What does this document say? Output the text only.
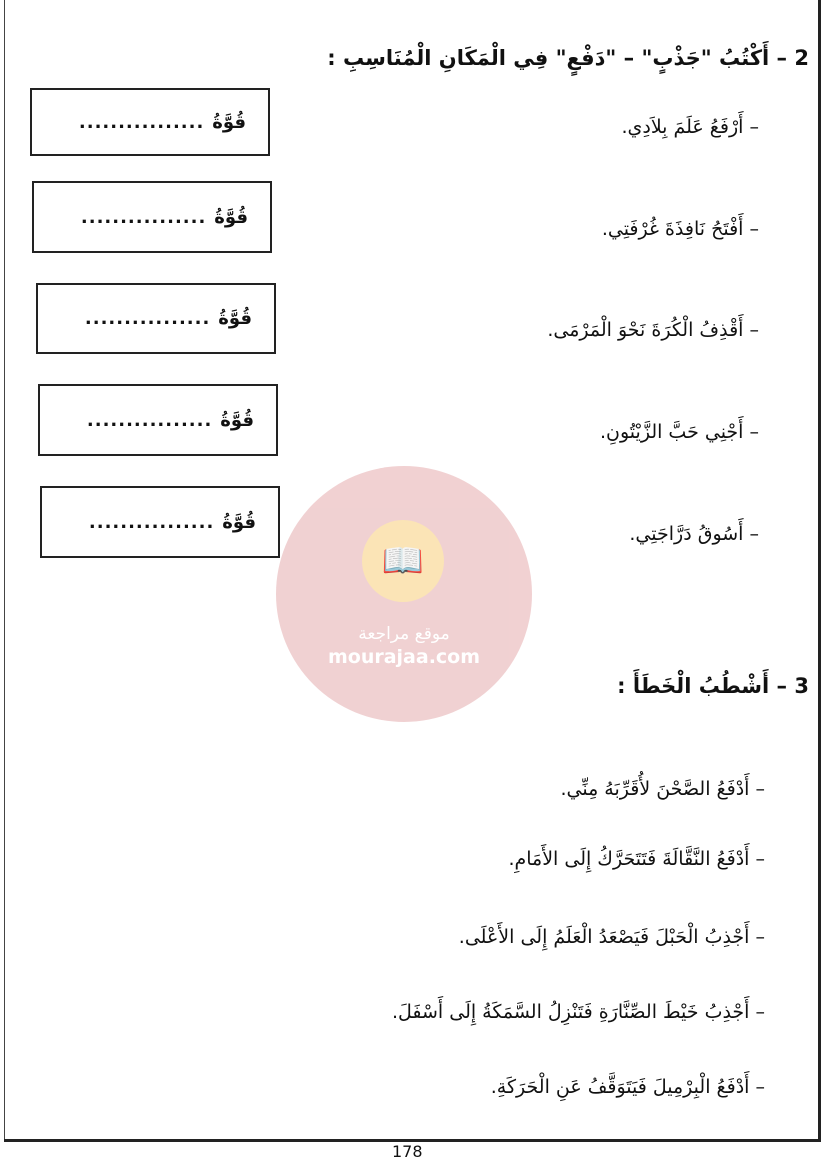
2 – أَكْتُبُ "جَذْبٍ" – "دَفْعٍ" فِي الْمَكَانِ الْمُنَاسِبِ :
– أَرْفَعُ عَلَمَ بِلاَدِي.
– أَفْتَحُ نَافِذَةَ غُرْفَتِي.
– أَقْذِفُ الْكُرَةَ نَحْوَ الْمَرْمَى.
– أَجْنِي حَبَّ الزَّيْتُونِ.
– أَسُوقُ دَرَّاجَتِي.
قُوَّةُ
................
قُوَّةُ
................
قُوَّةُ
................
قُوَّةُ
................
قُوَّةُ
................
📖
موقع مراجعة
mourajaa.com
3 – أَشْطُبُ الْخَطَأَ :
– أَدْفَعُ الصَّحْنَ لأُقَرِّبَهُ مِنِّي.
– أَدْفَعُ النَّقَّالَةَ فَتَتَحَرَّكُ إِلَى الأَمَامِ.
– أَجْذِبُ الْحَبْلَ فَيَصْعَدُ الْعَلَمُ إِلَى الأَعْلَى.
– أَجْذِبُ خَيْطَ الصِّنَّارَةِ فَتَنْزِلُ السَّمَكَةُ إِلَى أَسْفَلَ.
– أَدْفَعُ الْبِرْمِيلَ فَيَتَوَقَّفُ عَنِ الْحَرَكَةِ.
178
